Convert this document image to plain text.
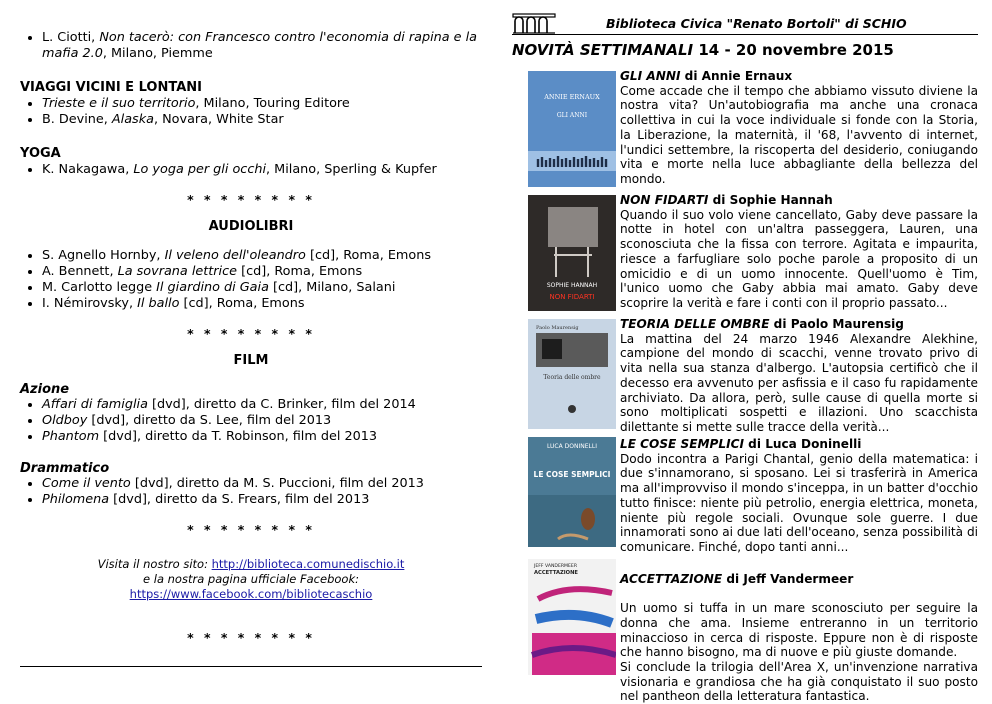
• L. Ciotti, Non tacerò: con Francesco contro l'economia di rapina e la mafia 2.0, Milano, Piemme
VIAGGI VICINI E LONTANI
• Trieste e il suo territorio, Milano, Touring Editore
• B. Devine, Alaska, Novara, White Star
YOGA
• K. Nakagawa, Lo yoga per gli occhi, Milano, Sperling & Kupfer
* * * * * * * *
AUDIOLIBRI
• S. Agnello Hornby, Il veleno dell'oleandro [cd], Roma, Emons
• A. Bennett, La sovrana lettrice [cd], Roma, Emons
• M. Carlotto legge Il giardino di Gaia [cd], Milano, Salani
• I. Némirovsky, Il ballo [cd], Roma, Emons
* * * * * * * *
FILM
Azione
• Affari di famiglia [dvd], diretto da C. Brinker, film del 2014
• Oldboy [dvd], diretto da S. Lee, film del 2013
• Phantom [dvd], diretto da T. Robinson, film del 2013
Drammatico
• Come il vento [dvd], diretto da M. S. Puccioni, film del 2013
• Philomena [dvd], diretto da S. Frears, film del 2013
* * * * * * * *
Visita il nostro sito: http://biblioteca.comunedischio.it
e la nostra pagina ufficiale Facebook:
https://www.facebook.com/bibliotecaschio
* * * * * * * *
Biblioteca Civica "Renato Bortoli" di SCHIO
NOVITÀ SETTIMANALI 14 - 20 novembre 2015
ANNIE ERNAUX
GLI ANNI
GLI ANNI di Annie Ernaux
Come accade che il tempo che abbiamo vissuto diviene la nostra vita? Un'autobiografia ma anche una cronaca collettiva in cui la voce individuale si fonde con la Storia, la Liberazione, la maternità, il '68, l'avvento di internet, l'undici settembre, la riscoperta del desiderio, coniugando vita e morte nella luce abbagliante della bellezza del mondo.
SOPHIE HANNAH
NON FIDARTI
NON FIDARTI di Sophie Hannah
Quando il suo volo viene cancellato, Gaby deve passare la notte in hotel con un'altra passeggera, Lauren, una sconosciuta che la fissa con terrore. Agitata e impaurita, riesce a farfugliare solo poche parole a proposito di un omicidio e di un uomo innocente. Quell'uomo è Tim, l'unico uomo che Gaby abbia mai amato. Gaby deve scoprire la verità e fare i conti con il proprio passato...
Paolo Maurensig
Teoria delle ombre
TEORIA DELLE OMBRE di Paolo Maurensig
La mattina del 24 marzo 1946 Alexandre Alekhine, campione del mondo di scacchi, venne trovato privo di vita nella sua stanza d'albergo. L'autopsia certificò che il decesso era avvenuto per asfissia e il caso fu rapidamente archiviato. Da allora, però, sulle cause di quella morte si sono moltiplicati sospetti e illazioni. Uno scacchista dilettante si mette sulle tracce della verità...
LUCA DONINELLI
LE COSE SEMPLICI
LE COSE SEMPLICI di Luca Doninelli
Dodo incontra a Parigi Chantal, genio della matematica: i due s'innamorano, si sposano. Lei si trasferirà in America ma all'improvviso il mondo s'inceppa, in un batter d'occhio tutto finisce: niente più petrolio, energia elettrica, moneta, niente più regole sociali. Ovunque sole guerre. I due innamorati sono ai due lati dell'oceano, senza possibilità di comunicare. Finché, dopo tanti anni...
JEFF VANDERMEER
ACCETTAZIONE	ACCETTAZIONE di Jeff Vandermeer

Un uomo si tuffa in un mare sconosciuto per seguire la donna che ama. Insieme entreranno in un territorio minaccioso in cerca di risposte. Eppure non è di risposte che hanno bisogno, ma di nuove e più giuste domande.
Si conclude la trilogia dell'Area X, un'invenzione narrativa visionaria e grandiosa che ha già conquistato il suo posto nel pantheon della letteratura fantastica.
